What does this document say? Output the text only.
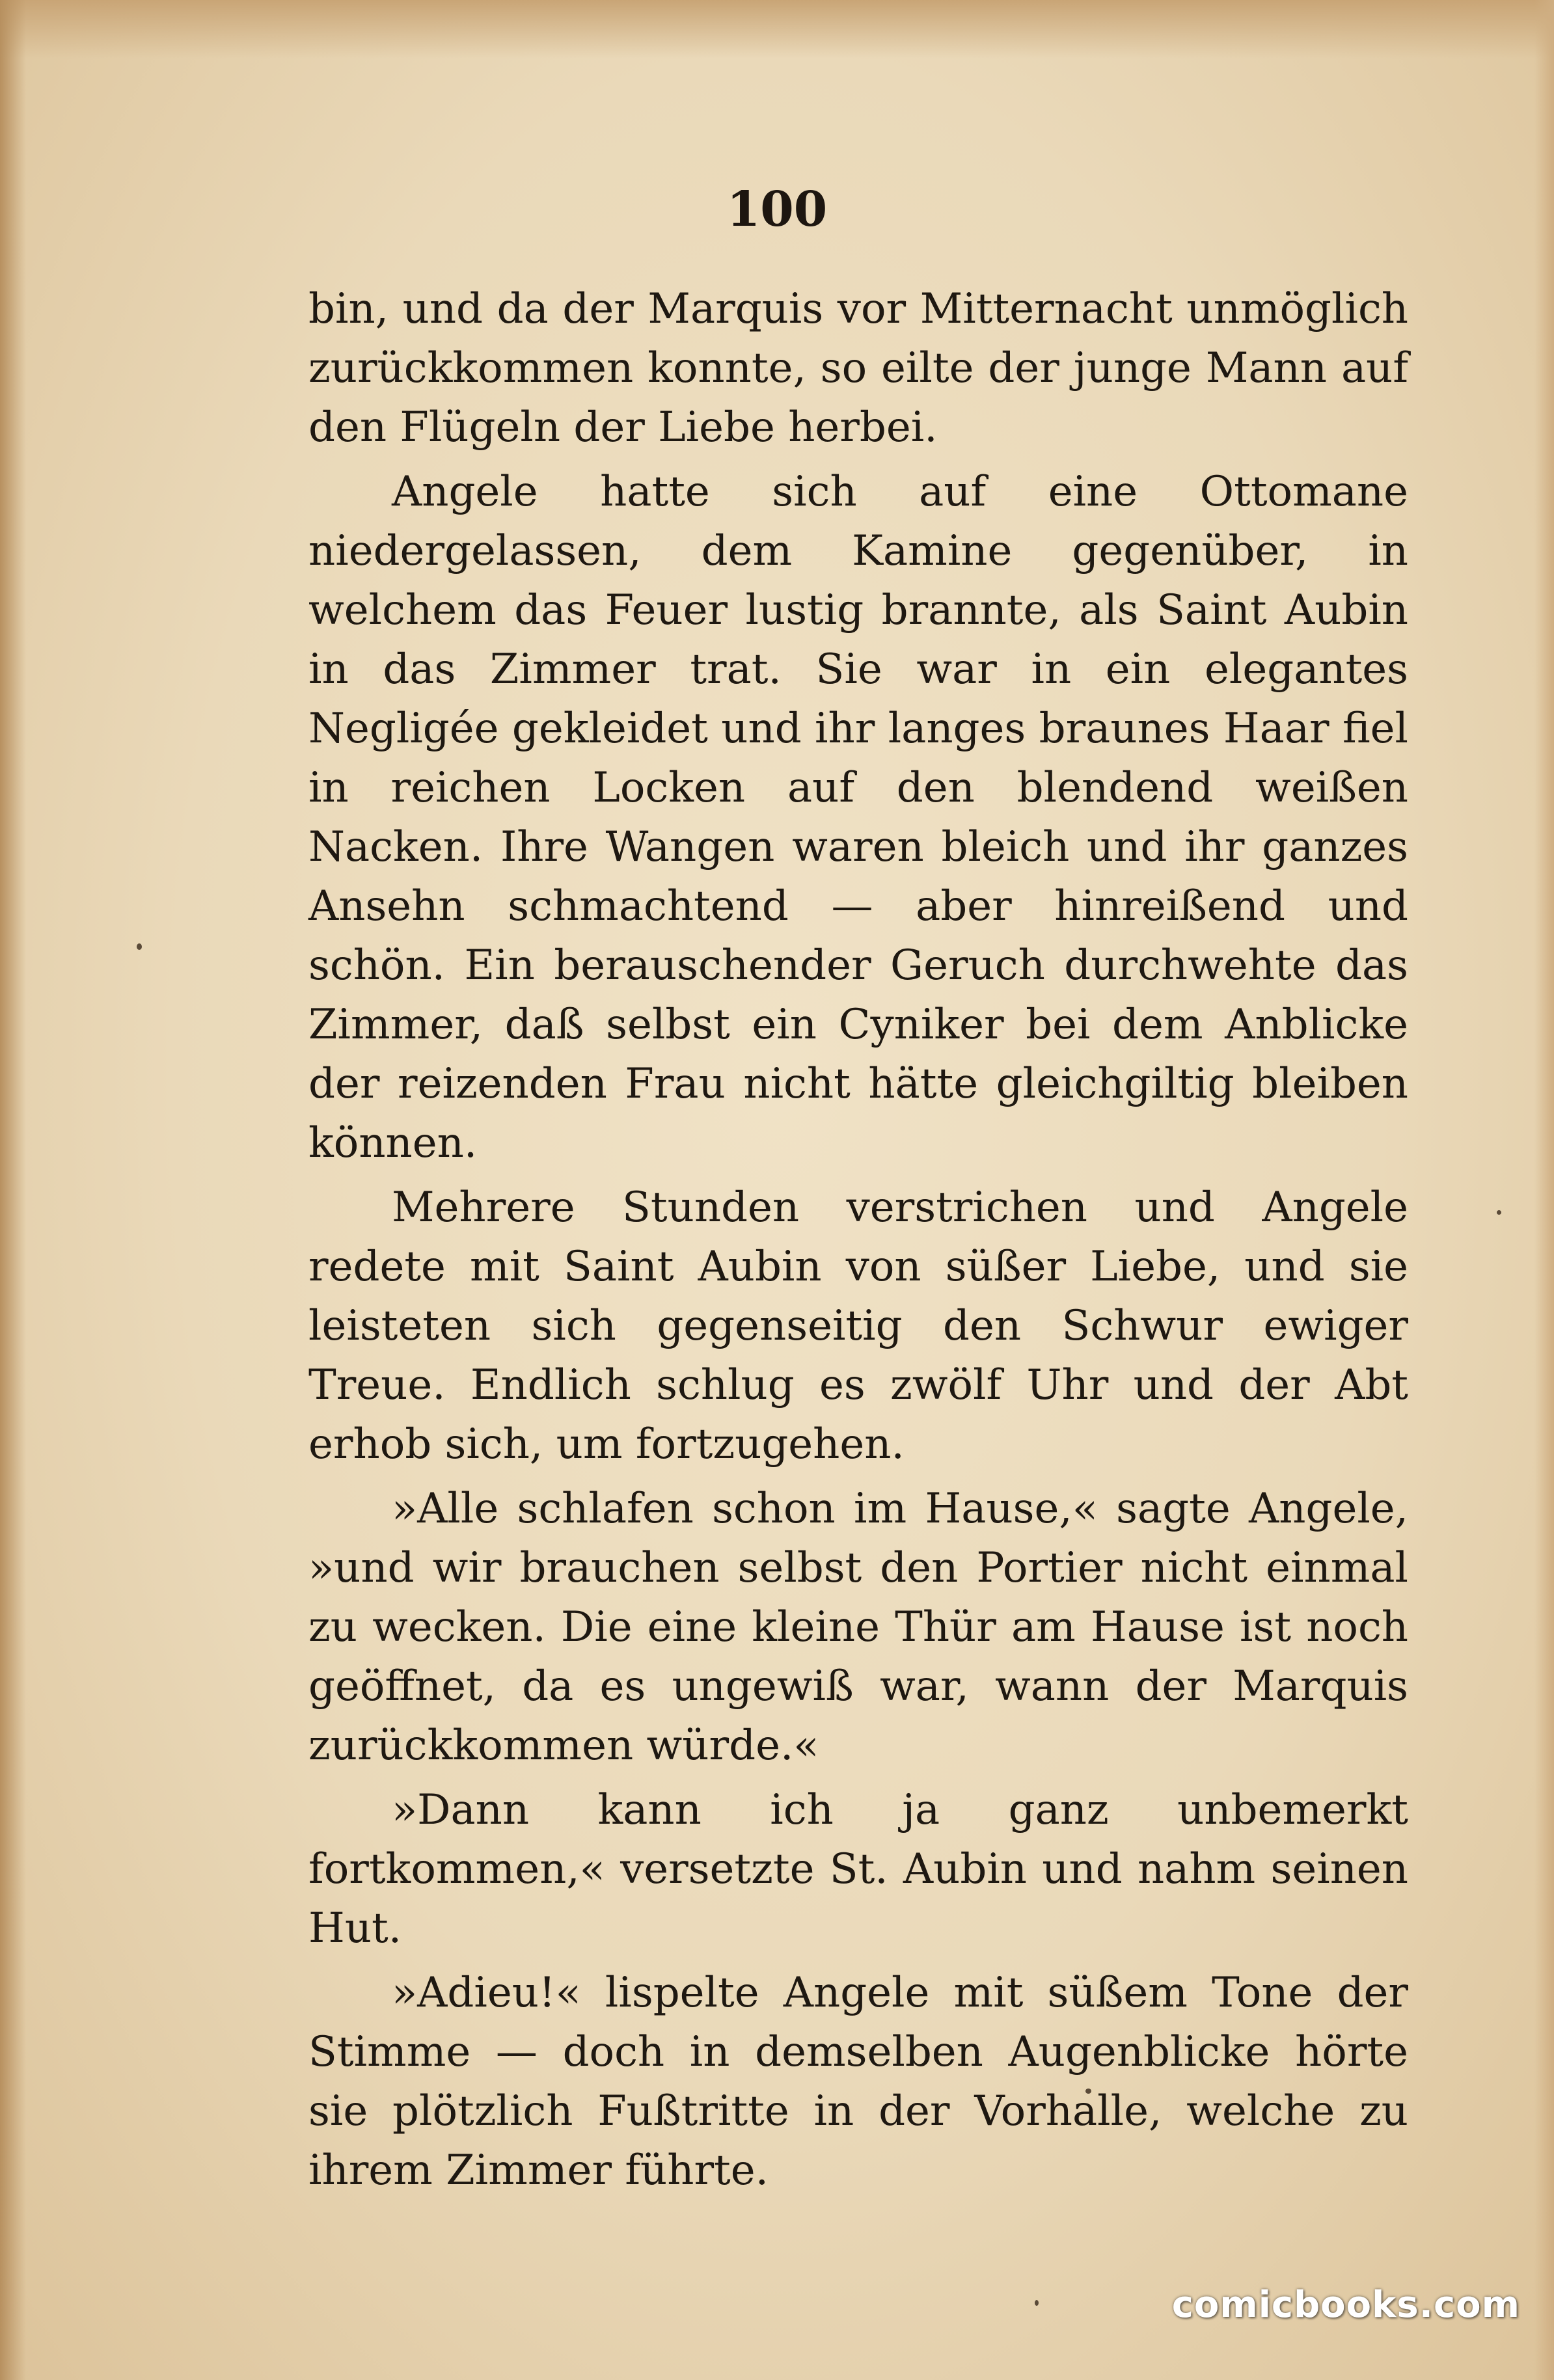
100

bin, und da der Marquis vor Mitternacht unmöglich zurückkommen konnte, so eilte der junge Mann auf den Flügeln der Liebe herbei.

Angele hatte sich auf eine Ottomane niedergelassen, dem Kamine gegenüber, in welchem das Feuer lustig brannte, als Saint Aubin in das Zimmer trat. Sie war in ein elegantes Negligée gekleidet und ihr langes braunes Haar fiel in reichen Locken auf den blendend weißen Nacken. Ihre Wangen waren bleich und ihr ganzes Ansehn schmachtend — aber hinreißend und schön. Ein berauschender Geruch durchwehte das Zimmer, daß selbst ein Cyniker bei dem Anblicke der reizenden Frau nicht hätte gleichgiltig bleiben können.

Mehrere Stunden verstrichen und Angele redete mit Saint Aubin von süßer Liebe, und sie leisteten sich gegenseitig den Schwur ewiger Treue. Endlich schlug es zwölf Uhr und der Abt erhob sich, um fortzugehen.

»Alle schlafen schon im Hause,« sagte Angele, »und wir brauchen selbst den Portier nicht einmal zu wecken. Die eine kleine Thür am Hause ist noch geöffnet, da es ungewiß war, wann der Marquis zurückkommen würde.«

»Dann kann ich ja ganz unbemerkt fortkommen,« versetzte St. Aubin und nahm seinen Hut.

»Adieu!« lispelte Angele mit süßem Tone der Stimme — doch in demselben Augenblicke hörte sie plötzlich Fußtritte in der Vorhalle, welche zu ihrem Zimmer führte.

comicbooks.com
